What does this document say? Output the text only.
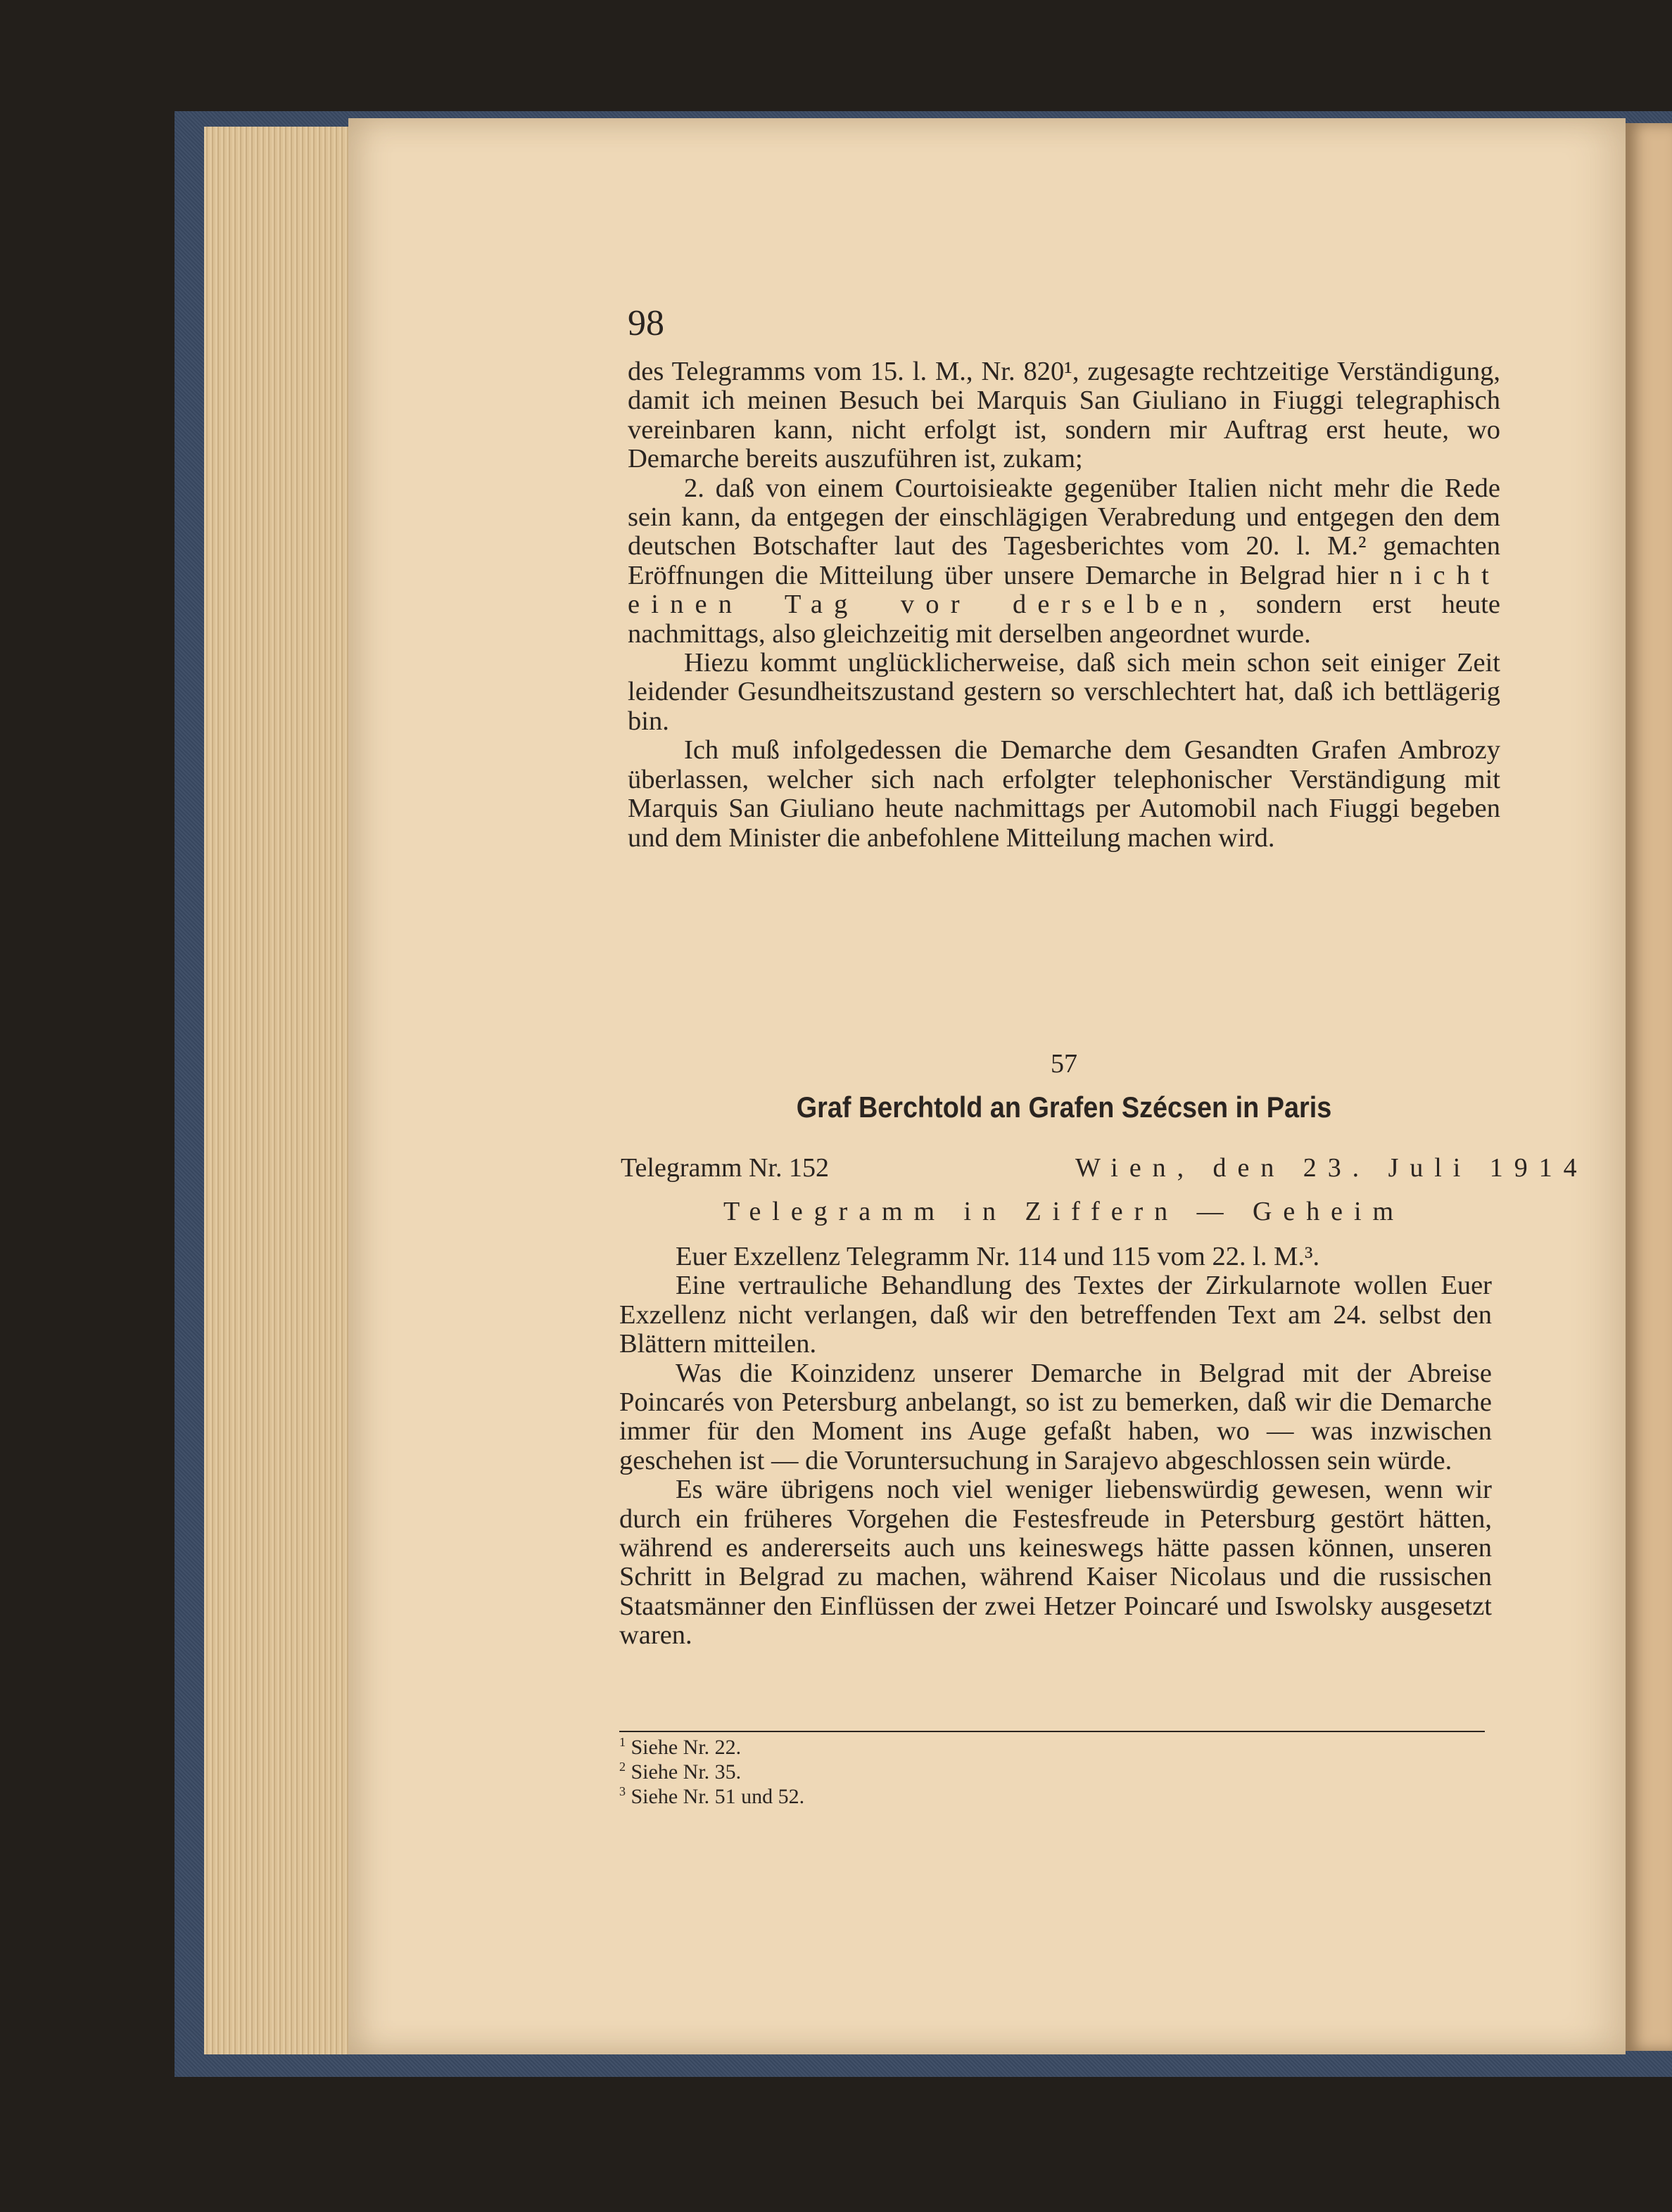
98

des Telegramms vom 15. l. M., Nr. 820¹, zugesagte rechtzeitige Verständigung, damit ich meinen Besuch bei Marquis San Giuliano in Fiuggi telegraphisch vereinbaren kann, nicht erfolgt ist, sondern mir Auftrag erst heute, wo Demarche bereits auszuführen ist, zukam;

2. daß von einem Courtoisieakte gegenüber Italien nicht mehr die Rede sein kann, da entgegen der einschlägigen Verabredung und entgegen den dem deutschen Botschafter laut des Tagesberichtes vom 20. l. M.² gemachten Eröffnungen die Mitteilung über unsere Demarche in Belgrad hier nicht einen Tag vor derselben, sondern erst heute nachmittags, also gleichzeitig mit derselben angeordnet wurde.

Hiezu kommt unglücklicherweise, daß sich mein schon seit einiger Zeit leidender Gesundheitszustand gestern so verschlechtert hat, daß ich bettlägerig bin.

Ich muß infolgedessen die Demarche dem Gesandten Grafen Ambrozy überlassen, welcher sich nach erfolgter telephonischer Verständigung mit Marquis San Giuliano heute nachmittags per Automobil nach Fiuggi begeben und dem Minister die anbefohlene Mitteilung machen wird.

57
Graf Berchtold an Grafen Szécsen in Paris
Telegramm Nr. 152	Wien, den 23. Juli 1914
Telegramm in Ziffern — Geheim

Euer Exzellenz Telegramm Nr. 114 und 115 vom 22. l. M.³.

Eine vertrauliche Behandlung des Textes der Zirkularnote wollen Euer Exzellenz nicht verlangen, daß wir den betreffenden Text am 24. selbst den Blättern mitteilen.

Was die Koinzidenz unserer Demarche in Belgrad mit der Abreise Poincarés von Petersburg anbelangt, so ist zu bemerken, daß wir die Demarche immer für den Moment ins Auge gefaßt haben, wo — was inzwischen geschehen ist — die Voruntersuchung in Sarajevo abgeschlossen sein würde.

Es wäre übrigens noch viel weniger liebenswürdig gewesen, wenn wir durch ein früheres Vorgehen die Festesfreude in Petersburg gestört hätten, während es andererseits auch uns keineswegs hätte passen können, unseren Schritt in Belgrad zu machen, während Kaiser Nicolaus und die russischen Staatsmänner den Einflüssen der zwei Hetzer Poincaré und Iswolsky ausgesetzt waren.

$^1$ Siehe Nr. 22.
$^2$ Siehe Nr. 35.
$^3$ Siehe Nr. 51 und 52.
